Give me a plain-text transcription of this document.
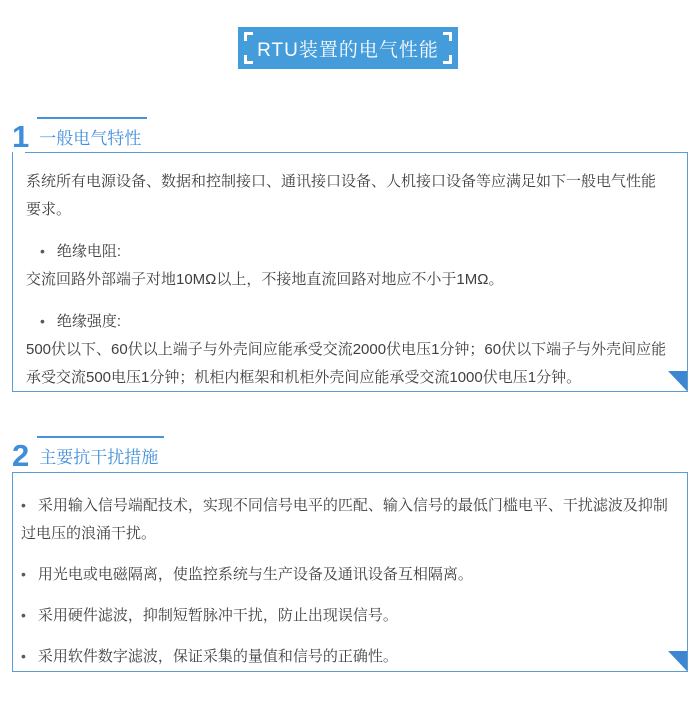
RTU装置的电气性能
1 一般电气特性

系统所有电源设备、数据和控制接口、通讯接口设备、人机接口设备等应满足如下一般电气性能要求。

• 绝缘电阻:
交流回路外部端子对地10MΩ以上，不接地直流回路对地应不小于1MΩ。
• 绝缘强度:
500伏以下、60伏以上端子与外壳间应能承受交流2000伏电压1分钟；60伏以下端子与外壳间应能承受交流500电压1分钟；机柜内框架和机柜外壳间应能承受交流1000伏电压1分钟。
2 主要抗干扰措施
• 采用输入信号端配技术，实现不同信号电平的匹配、输入信号的最低门槛电平、干扰滤波及抑制过电压的浪涌干扰。
• 用光电或电磁隔离，使监控系统与生产设备及通讯设备互相隔离。
• 采用硬件滤波，抑制短暂脉冲干扰，防止出现误信号。
• 采用软件数字滤波，保证采集的量值和信号的正确性。
